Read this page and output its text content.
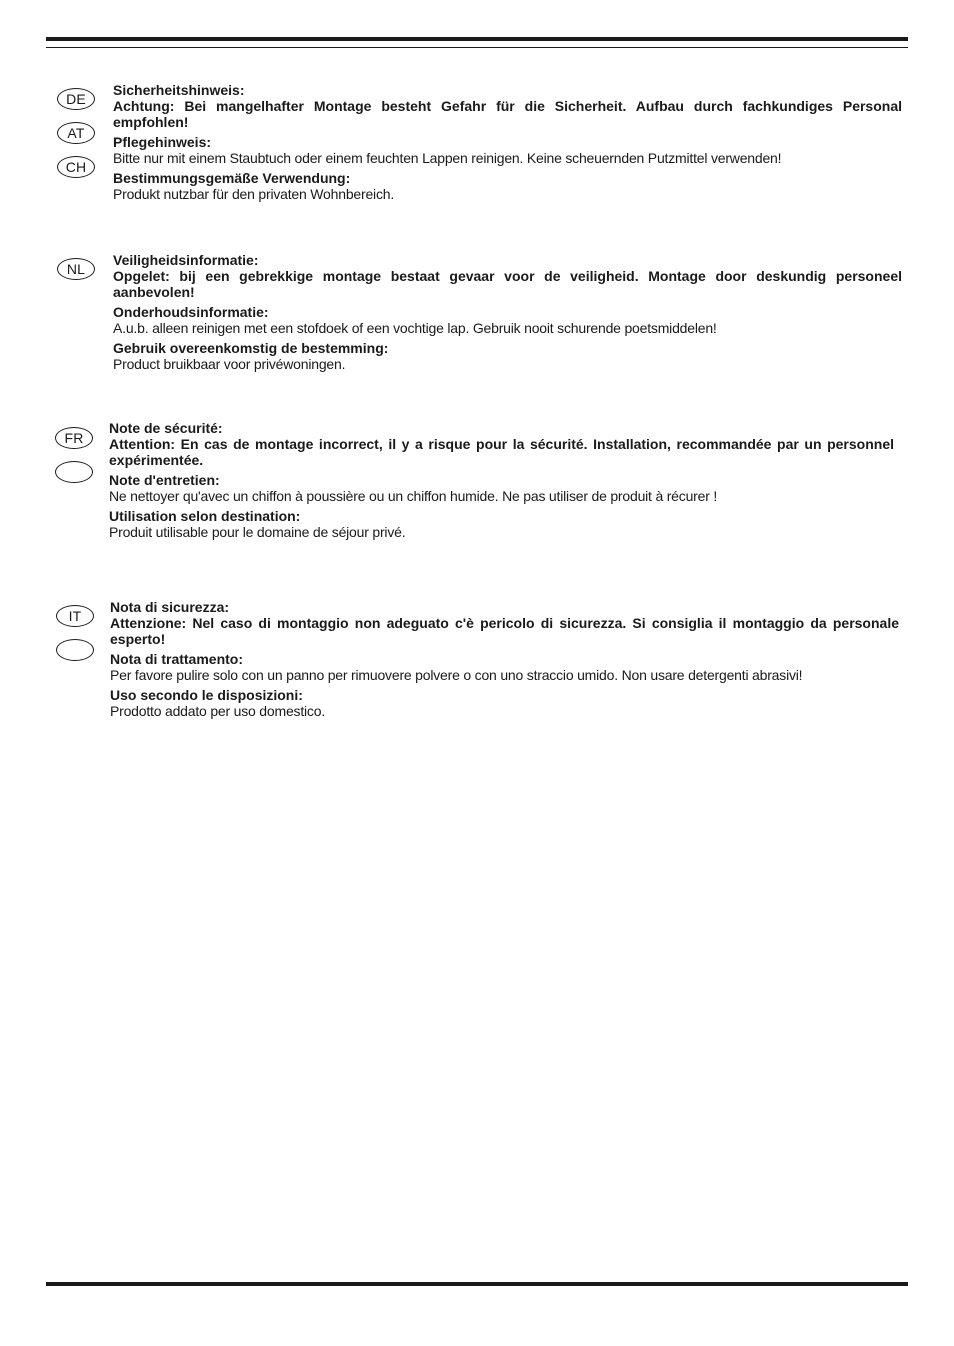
DE
AT
CH

Sicherheitshinweis:

Achtung: Bei mangelhafter Montage besteht Gefahr für die Sicherheit. Aufbau durch fachkundiges Personal empfohlen!

Pflegehinweis:

Bitte nur mit einem Staubtuch oder einem feuchten Lappen reinigen. Keine scheuernden Putzmittel verwenden!

Bestimmungsgemäße Verwendung:

Produkt nutzbar für den privaten Wohnbereich.

NL

Veiligheidsinformatie:

Opgelet: bij een gebrekkige montage bestaat gevaar voor de veiligheid. Montage door deskundig personeel aanbevolen!

Onderhoudsinformatie:

A.u.b. alleen reinigen met een stofdoek of een vochtige lap. Gebruik nooit schurende poetsmiddelen!

Gebruik overeenkomstig de bestemming:

Product bruikbaar voor privéwoningen.

FR

Note de sécurité:

Attention: En cas de montage incorrect, il y a risque pour la sécurité. Installation, recommandée par un personnel expérimentée.

Note d'entretien:

Ne nettoyer qu'avec un chiffon à poussière ou un chiffon humide. Ne pas utiliser de produit à récurer !

Utilisation selon destination:

Produit utilisable pour le domaine de séjour privé.

IT

Nota di sicurezza:

Attenzione: Nel caso di montaggio non adeguato c'è pericolo di sicurezza. Si consiglia il montaggio da personale esperto!

Nota di trattamento:

Per favore pulire solo con un panno per rimuovere polvere o con uno straccio umido. Non usare detergenti abrasivi!

Uso secondo le disposizioni:

Prodotto addato per uso domestico.
